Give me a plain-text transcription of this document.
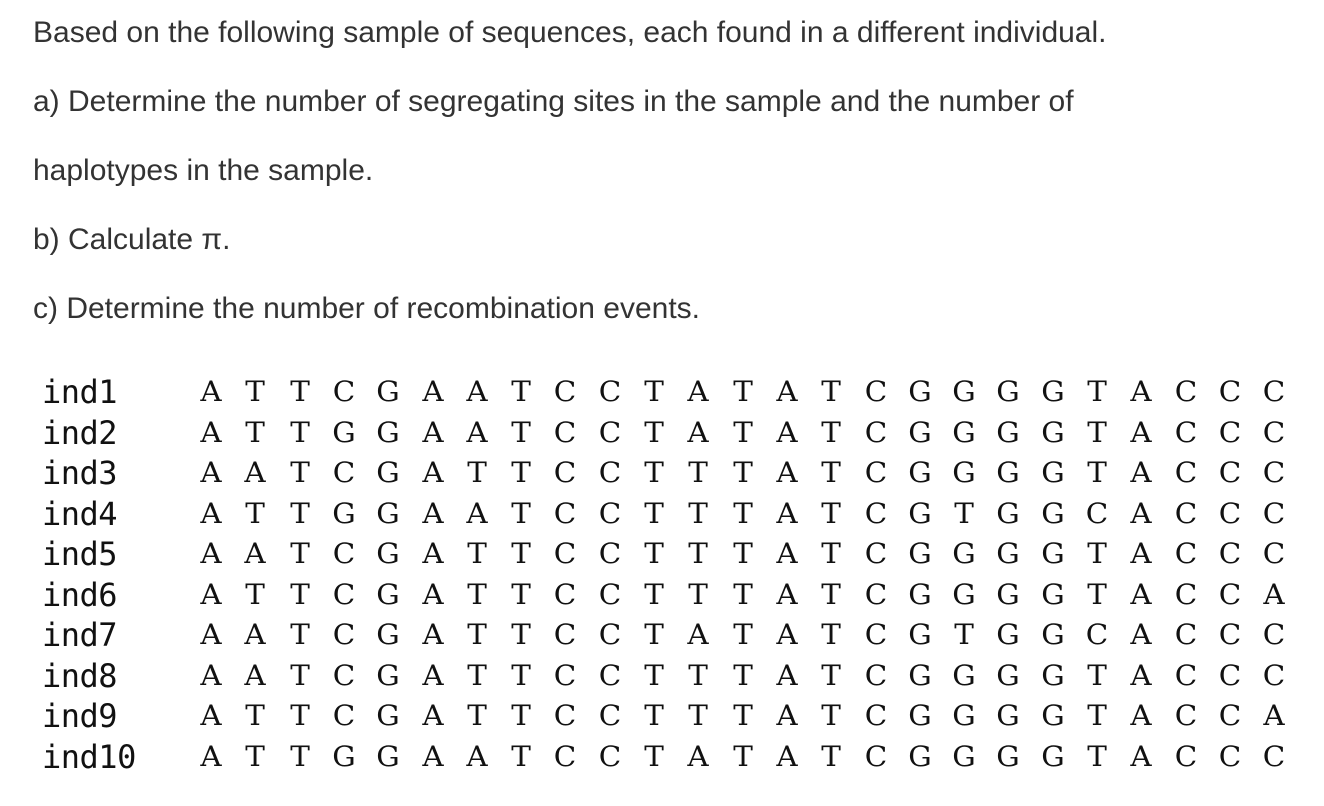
Based on the following sample of sequences, each found in a different individual.
a) Determine the number of segregating sites in the sample and the number of
haplotypes in the sample.
b) Calculate π.
c) Determine the number of recombination events.
ind1	A T T C G A A T C C T A T A T C G G G G T A C C C
ind2	A T T G G A A T C C T A T A T C G G G G T A C C C
ind3	A A T C G A T T C C T T T A T C G G G G T A C C C
ind4	A T T G G A A T C C T T T A T C G T G G C A C C C
ind5	A A T C G A T T C C T T T A T C G G G G T A C C C
ind6	A T T C G A T T C C T T T A T C G G G G T A C C A
ind7	A A T C G A T T C C T A T A T C G T G G C A C C C
ind8	A A T C G A T T C C T T T A T C G G G G T A C C C
ind9	A T T C G A T T C C T T T A T C G G G G T A C C A
ind10	A T T G G A A T C C T A T A T C G G G G T A C C C
